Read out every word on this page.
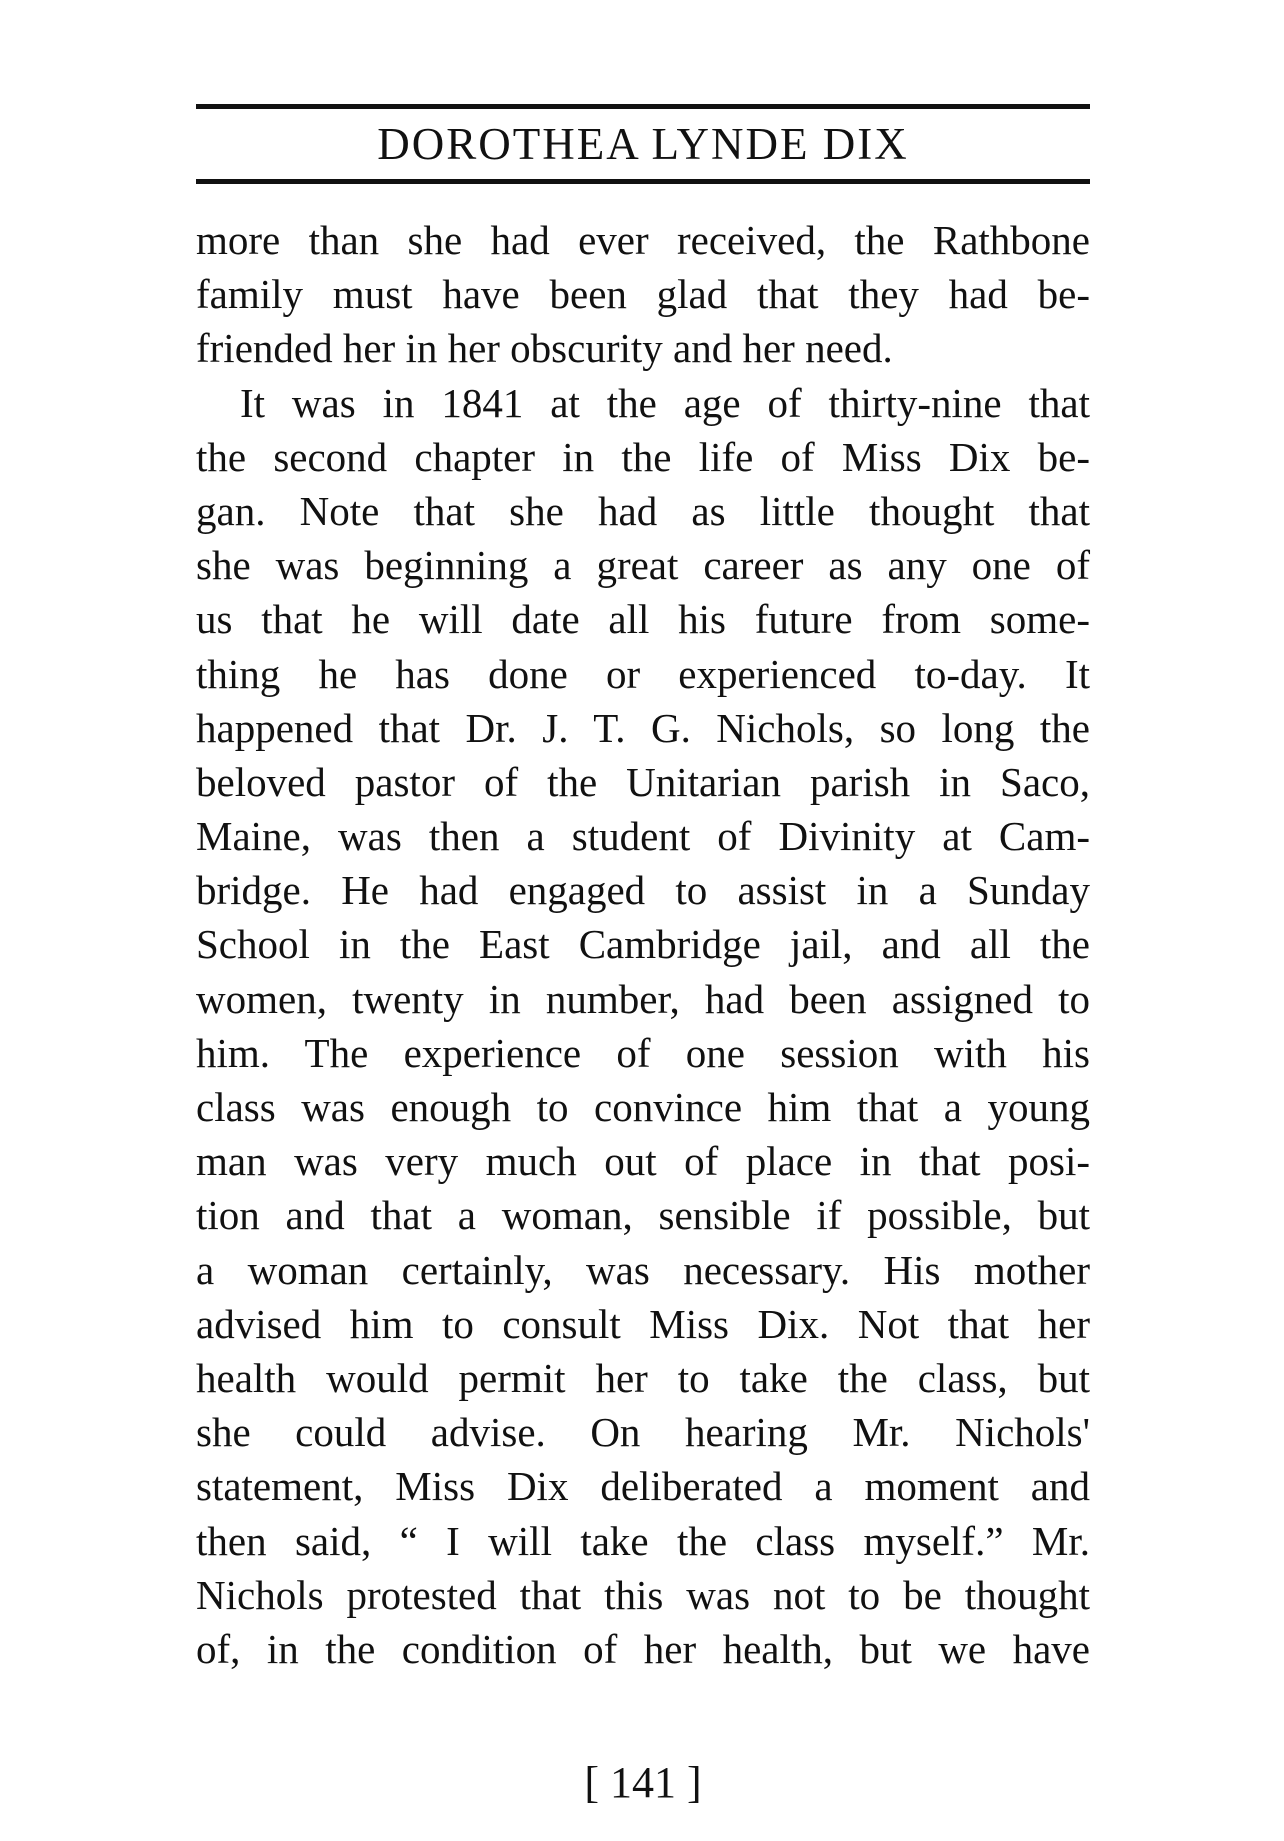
DOROTHEA LYNDE DIX
more than she had ever received, the Rathbone
family must have been glad that they had be-
friended her in her obscurity and her need.
It was in 1841 at the age of thirty-nine that
the second chapter in the life of Miss Dix be-
gan. Note that she had as little thought that
she was beginning a great career as any one of
us that he will date all his future from some-
thing he has done or experienced to-day. It
happened that Dr. J. T. G. Nichols, so long the
beloved pastor of the Unitarian parish in Saco,
Maine, was then a student of Divinity at Cam-
bridge. He had engaged to assist in a Sunday
School in the East Cambridge jail, and all the
women, twenty in number, had been assigned to
him. The experience of one session with his
class was enough to convince him that a young
man was very much out of place in that posi-
tion and that a woman, sensible if possible, but
a woman certainly, was necessary. His mother
advised him to consult Miss Dix. Not that her
health would permit her to take the class, but
she could advise. On hearing Mr. Nichols'
statement, Miss Dix deliberated a moment and
then said, “ I will take the class myself.” Mr.
Nichols protested that this was not to be thought
of, in the condition of her health, but we have
[ 141 ]
